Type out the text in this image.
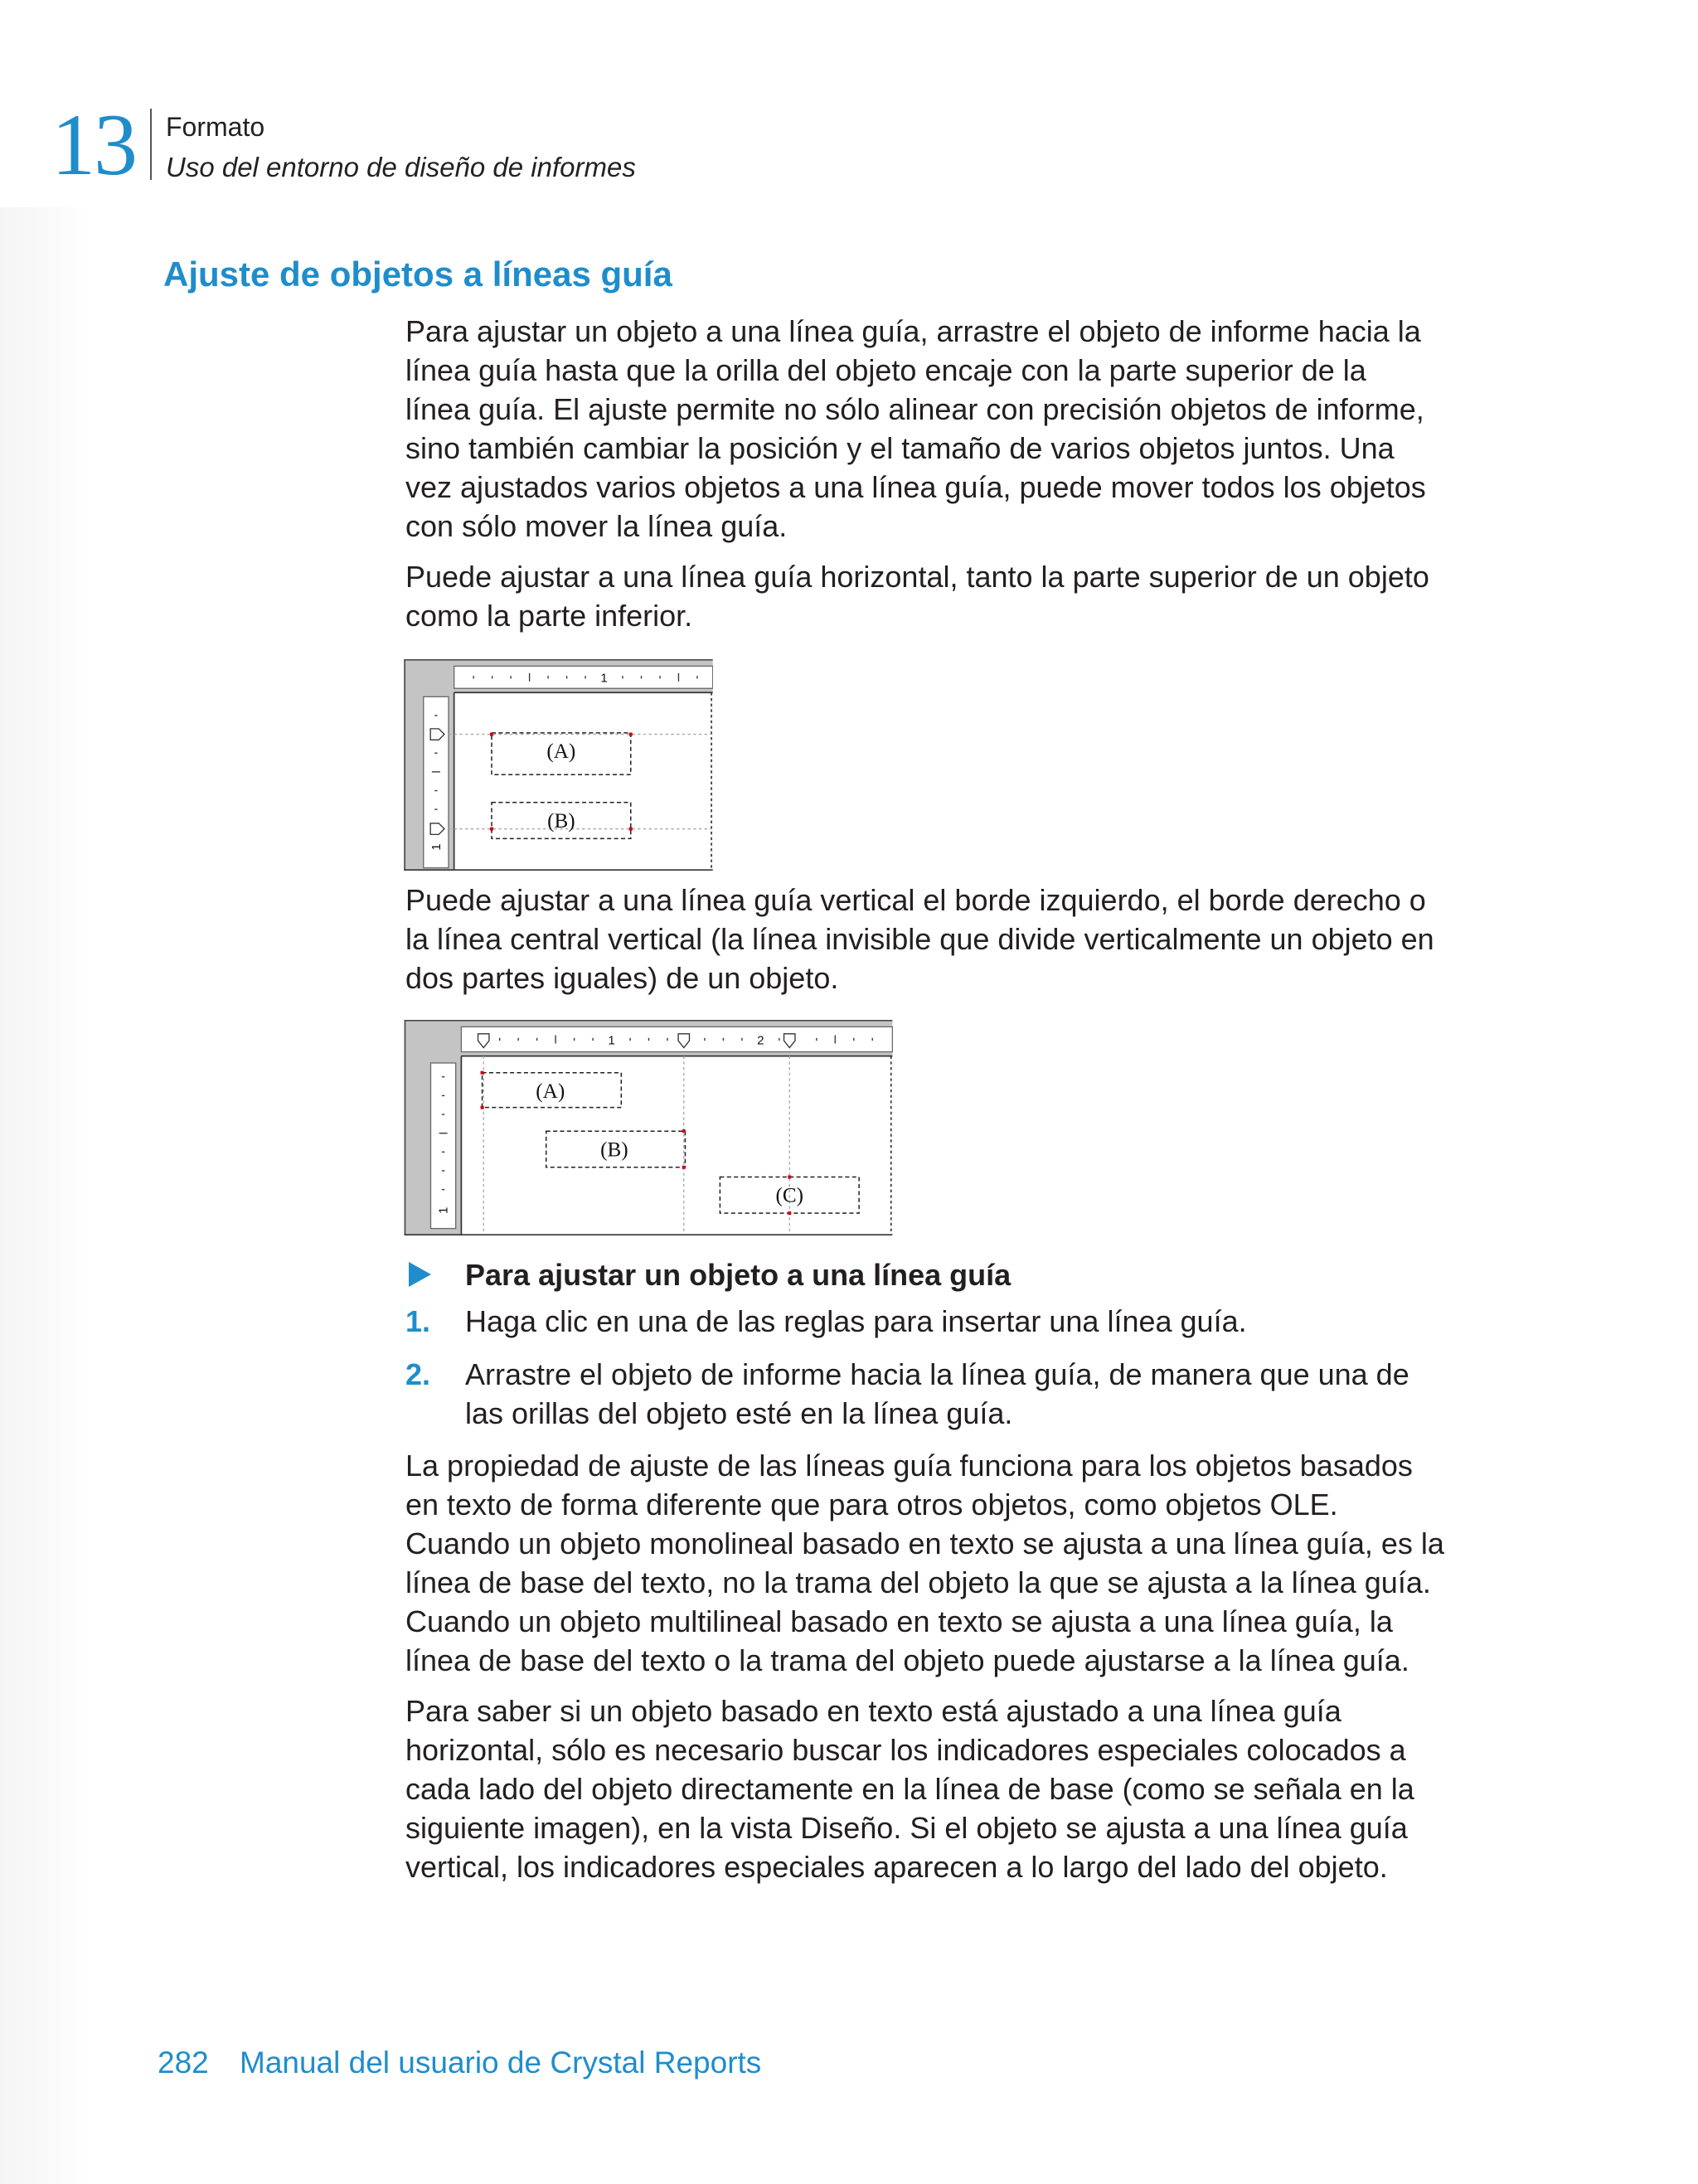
13 Formato
Uso del entorno de diseño de informes
Ajuste de objetos a líneas guía
Para ajustar un objeto a una línea guía, arrastre el objeto de informe hacia la
línea guía hasta que la orilla del objeto encaje con la parte superior de la
línea guía. El ajuste permite no sólo alinear con precisión objetos de informe,
sino también cambiar la posición y el tamaño de varios objetos juntos. Una
vez ajustados varios objetos a una línea guía, puede mover todos los objetos
con sólo mover la línea guía.
Puede ajustar a una línea guía horizontal, tanto la parte superior de un objeto
como la parte inferior.
1
1
(A)
(B)
Puede ajustar a una línea guía vertical el borde izquierdo, el borde derecho o
la línea central vertical (la línea invisible que divide verticalmente un objeto en
dos partes iguales) de un objeto.
1	2
1
(A)
(B)
(C)
Para ajustar un objeto a una línea guía
1. Haga clic en una de las reglas para insertar una línea guía.
2. Arrastre el objeto de informe hacia la línea guía, de manera que una de
las orillas del objeto esté en la línea guía.
La propiedad de ajuste de las líneas guía funciona para los objetos basados
en texto de forma diferente que para otros objetos, como objetos OLE.
Cuando un objeto monolineal basado en texto se ajusta a una línea guía, es la
línea de base del texto, no la trama del objeto la que se ajusta a la línea guía.
Cuando un objeto multilineal basado en texto se ajusta a una línea guía, la
línea de base del texto o la trama del objeto puede ajustarse a la línea guía.
Para saber si un objeto basado en texto está ajustado a una línea guía
horizontal, sólo es necesario buscar los indicadores especiales colocados a
cada lado del objeto directamente en la línea de base (como se señala en la
siguiente imagen), en la vista Diseño. Si el objeto se ajusta a una línea guía
vertical, los indicadores especiales aparecen a lo largo del lado del objeto.
282 Manual del usuario de Crystal Reports
